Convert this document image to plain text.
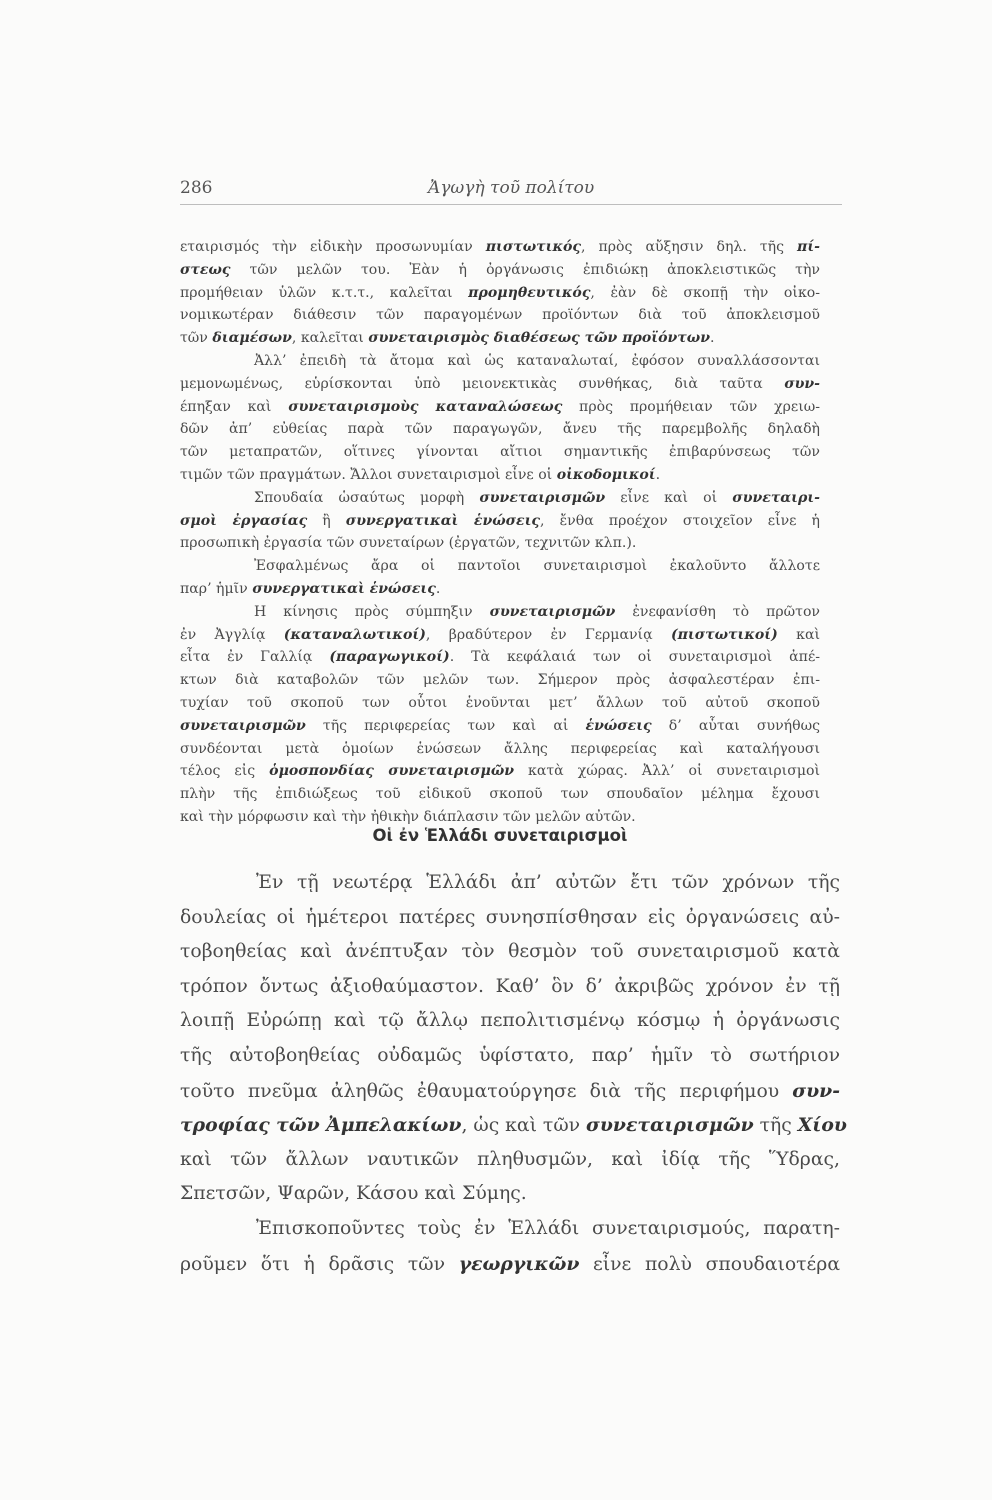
286	Ἀγωγὴ τοῦ πολίτου
εταιρισμός τὴν εἰδικὴν προσωνυμίαν πιστωτικός, πρὸς αὔξησιν δηλ. τῆς πί-
στεως τῶν μελῶν του. Ἐὰν ἡ ὀργάνωσις ἐπιδιώκῃ ἀποκλειστικῶς τὴν
προμήθειαν ὑλῶν κ.τ.τ., καλεῖται προμηθευτικός, ἐὰν δὲ σκοπῇ τὴν οἰκο-
νομικωτέραν διάθεσιν τῶν παραγομένων προϊόντων διὰ τοῦ ἀποκλεισμοῦ
τῶν διαμέσων, καλεῖται συνεταιρισμὸς διαθέσεως τῶν προϊόντων.
Ἀλλ’ ἐπειδὴ τὰ ἄτομα καὶ ὡς καταναλωταί, ἐφόσον συναλλάσσονται
μεμονωμένως, εὑρίσκονται ὑπὸ μειονεκτικὰς συνθήκας, διὰ ταῦτα συν-
έπηξαν καὶ συνεταιρισμοὺς καταναλώσεως πρὸς προμήθειαν τῶν χρειω-
δῶν ἀπ’ εὐθείας παρὰ τῶν παραγωγῶν, ἄνευ τῆς παρεμβολῆς δηλαδὴ
τῶν μεταπρατῶν, οἵτινες γίνονται αἴτιοι σημαντικῆς ἐπιβαρύνσεως τῶν
τιμῶν τῶν πραγμάτων. Ἄλλοι συνεταιρισμοὶ εἶνε οἱ οἰκοδομικοί.
Σπουδαία ὡσαύτως μορφὴ συνεταιρισμῶν εἶνε καὶ οἱ συνεταιρι-
σμοὶ ἐργασίας ἢ συνεργατικαὶ ἑνώσεις, ἔνθα προέχον στοιχεῖον εἶνε ἡ
προσωπικὴ ἐργασία τῶν συνεταίρων (ἐργατῶν, τεχνιτῶν κλπ.).
Ἐσφαλμένως ἄρα οἱ παντοῖοι συνεταιρισμοὶ ἐκαλοῦντο ἄλλοτε
παρ’ ἡμῖν συνεργατικαὶ ἑνώσεις.
Η κίνησις πρὸς σύμπηξιν συνεταιρισμῶν ἐνεφανίσθη τὸ πρῶτον
ἐν Ἀγγλίᾳ (καταναλωτικοί), βραδύτερον ἐν Γερμανίᾳ (πιστωτικοί) καὶ
εἶτα ἐν Γαλλίᾳ (παραγωγικοί). Τὰ κεφάλαιά των οἱ συνεταιρισμοὶ ἀπέ-
κτων διὰ καταβολῶν τῶν μελῶν των. Σήμερον πρὸς ἀσφαλεστέραν ἐπι-
τυχίαν τοῦ σκοποῦ των οὗτοι ἑνοῦνται μετ’ ἄλλων τοῦ αὐτοῦ σκοποῦ
συνεταιρισμῶν τῆς περιφερείας των καὶ αἱ ἑνώσεις δ’ αὗται συνήθως
συνδέονται μετὰ ὁμοίων ἑνώσεων ἄλλης περιφερείας καὶ καταλήγουσι
τέλος εἰς ὁμοσπονδίας συνεταιρισμῶν κατὰ χώρας. Ἀλλ’ οἱ συνεταιρισμοὶ
πλὴν τῆς ἐπιδιώξεως τοῦ εἰδικοῦ σκοποῦ των σπουδαῖον μέλημα ἔχουσι
καὶ τὴν μόρφωσιν καὶ τὴν ἠθικὴν διάπλασιν τῶν μελῶν αὐτῶν.
Οἱ ἐν Ἑλλάδι συνεταιρισμοὶ
Ἐν τῇ νεωτέρᾳ Ἑλλάδι ἀπ’ αὐτῶν ἔτι τῶν χρόνων τῆς
δουλείας οἱ ἡμέτεροι πατέρες συνησπίσθησαν εἰς ὀργανώσεις αὐ-
τοβοηθείας καὶ ἀνέπτυξαν τὸν θεσμὸν τοῦ συνεταιρισμοῦ κατὰ
τρόπον ὄντως ἀξιοθαύμαστον. Καθ’ ὃν δ’ ἀκριβῶς χρόνον ἐν τῇ
λοιπῇ Εὐρώπῃ καὶ τῷ ἄλλῳ πεπολιτισμένῳ κόσμῳ ἡ ὀργάνωσις
τῆς αὐτοβοηθείας οὐδαμῶς ὑφίστατο, παρ’ ἡμῖν τὸ σωτήριον
τοῦτο πνεῦμα ἀληθῶς ἐθαυματούργησε διὰ τῆς περιφήμου συν-
τροφίας τῶν Ἀμπελακίων, ὡς καὶ τῶν συνεταιρισμῶν τῆς Χίου
καὶ τῶν ἄλλων ναυτικῶν πληθυσμῶν, καὶ ἰδίᾳ τῆς Ὕδρας,
Σπετσῶν, Ψαρῶν, Κάσου καὶ Σύμης.
Ἐπισκοποῦντες τοὺς ἐν Ἑλλάδι συνεταιρισμούς, παρατη-
ροῦμεν ὅτι ἡ δρᾶσις τῶν γεωργικῶν εἶνε πολὺ σπουδαιοτέρα
